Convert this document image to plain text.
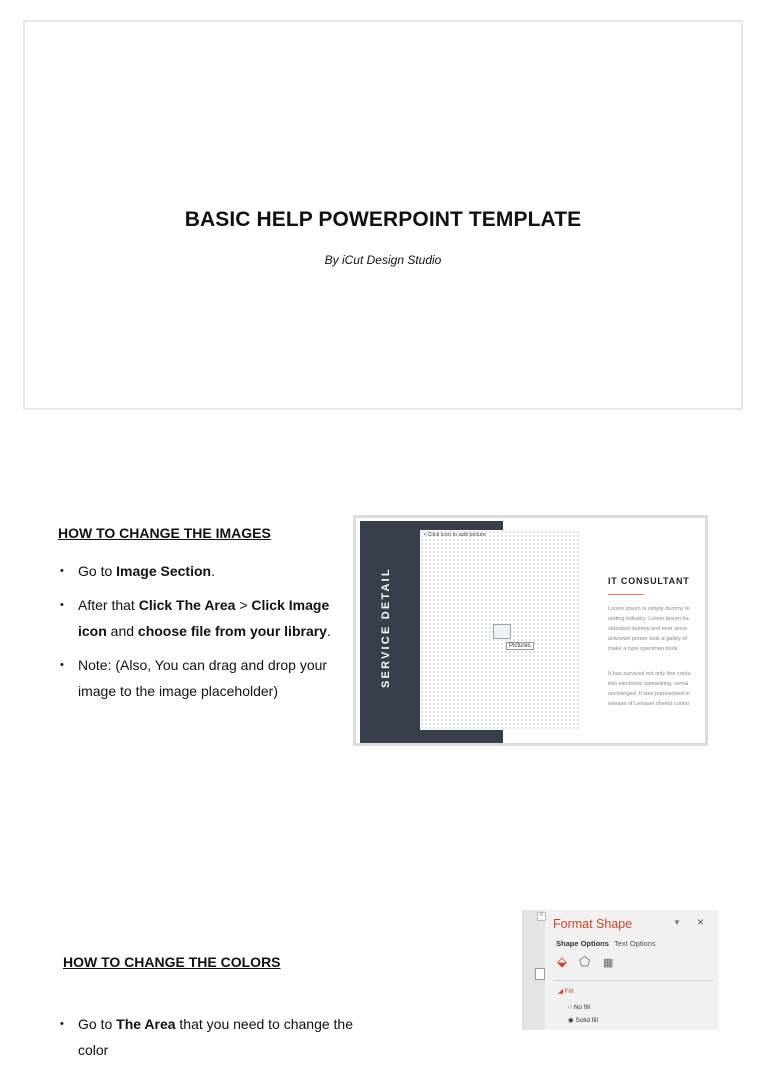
BASIC HELP POWERPOINT TEMPLATE
By iCut Design Studio
HOW TO CHANGE THE IMAGES
• Go to Image Section.
• After that Click The Area > Click Image icon and choose file from your library.
• Note: (Also, You can drag and drop your image to the image placeholder)
SERVICE DETAIL
• Click icon to add picture
Pictures
IT CONSULTANT
Lorem Ipsum is simply dummy te
setting industry. Lorem Ipsum ha
standard dummy text ever since
unknown printer took a galley of
make a type specimen book.
It has survived not only five centu
into electronic typesetting, remai
unchanged. It was popularised in
release of Letraset sheets contai
HOW TO CHANGE THE COLORS
• Go to The Area that you need to change the color
˄
Format Shape	▼ ×
Shape Options Text Options
⬙ ⬠ ▦
◢ Fill
○ No fill
◉ Solid fill
